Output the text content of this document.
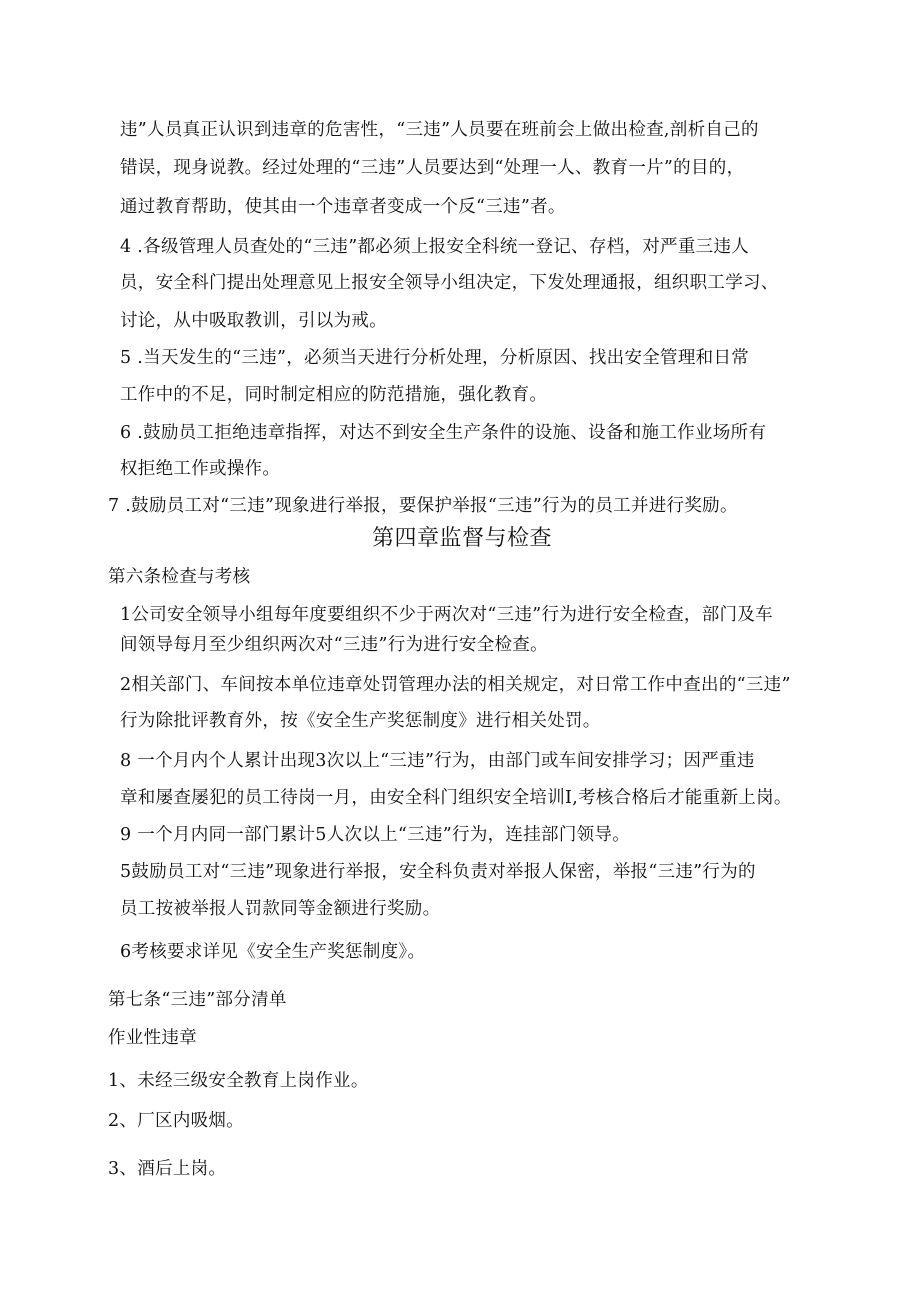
违”人员真正认识到违章的危害性，“三违”人员要在班前会上做出检查,剖析自己的
错误，现身说教。经过处理的“三违”人员要达到“处理一人、教育一片”的目的，
通过教育帮助，使其由一个违章者变成一个反“三违”者。
4 .各级管理人员查处的“三违”都必须上报安全科统一登记、存档，对严重三违人
员，安全科门提出处理意见上报安全领导小组决定，下发处理通报，组织职工学习、
讨论，从中吸取教训，引以为戒。
5 .当天发生的“三违”，必须当天进行分析处理，分析原因、找出安全管理和日常
工作中的不足，同时制定相应的防范措施，强化教育。
6 .鼓励员工拒绝违章指挥，对达不到安全生产条件的设施、设备和施工作业场所有
权拒绝工作或操作。
7 .鼓励员工对“三违”现象进行举报，要保护举报“三违”行为的员工并进行奖励。
第四章监督与检查
第六条检查与考核
1公司安全领导小组每年度要组织不少于两次对“三违”行为进行安全检查，部门及车
间领导每月至少组织两次对“三违”行为进行安全检查。
2相关部门、车间按本单位违章处罚管理办法的相关规定，对日常工作中查出的“三违”
行为除批评教育外，按《安全生产奖惩制度》进行相关处罚。
8 一个月内个人累计出现3次以上“三违”行为，由部门或车间安排学习；因严重违
章和屡查屡犯的员工待岗一月，由安全科门组织安全培训I,考核合格后才能重新上岗。
9 一个月内同一部门累计5人次以上“三违”行为，连挂部门领导。
5鼓励员工对“三违”现象进行举报，安全科负责对举报人保密，举报“三违”行为的
员工按被举报人罚款同等金额进行奖励。
6考核要求详见《安全生产奖惩制度》。
第七条“三违”部分清单
作业性违章
1、未经三级安全教育上岗作业。
2、厂区内吸烟。
3、酒后上岗。
